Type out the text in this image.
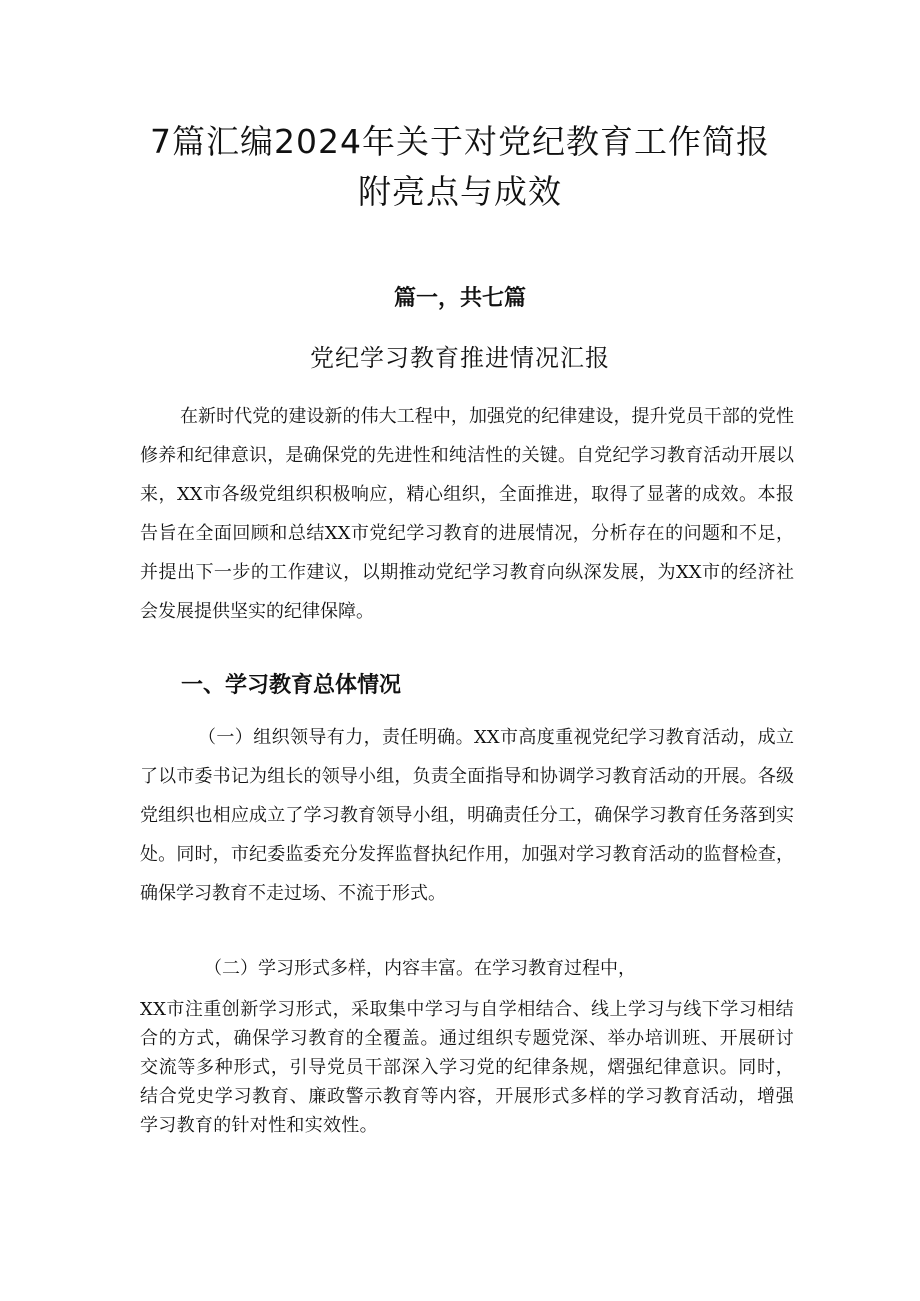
7篇汇编2024年关于对党纪教育工作简报
附亮点与成效
篇一，共七篇
党纪学习教育推进情况汇报

在新时代党的建设新的伟大工程中，加强党的纪律建设，提升党员干部的党性修养和纪律意识，是确保党的先进性和纯洁性的关键。自党纪学习教育活动开展以来，XX市各级党组织积极响应，精心组织，全面推进，取得了显著的成效。本报告旨在全面回顾和总结XX市党纪学习教育的进展情况，分析存在的问题和不足，并提出下一步的工作建议，以期推动党纪学习教育向纵深发展，为XX市的经济社会发展提供坚实的纪律保障。

一、学习教育总体情况

（一）组织领导有力，责任明确。XX市高度重视党纪学习教育活动，成立了以市委书记为组长的领导小组，负责全面指导和协调学习教育活动的开展。各级党组织也相应成立了学习教育领导小组，明确责任分工，确保学习教育任务落到实处。同时，市纪委监委充分发挥监督执纪作用，加强对学习教育活动的监督检查，确保学习教育不走过场、不流于形式。

（二）学习形式多样，内容丰富。在学习教育过程中，

XX市注重创新学习形式，采取集中学习与自学相结合、线上学习与线下学习相结合的方式，确保学习教育的全覆盖。通过组织专题党深、举办培训班、开展研讨交流等多种形式，引导党员干部深入学习党的纪律条规，熠强纪律意识。同时，结合党史学习教育、廉政警示教育等内容，开展形式多样的学习教育活动，增强学习教育的针对性和实效性。
